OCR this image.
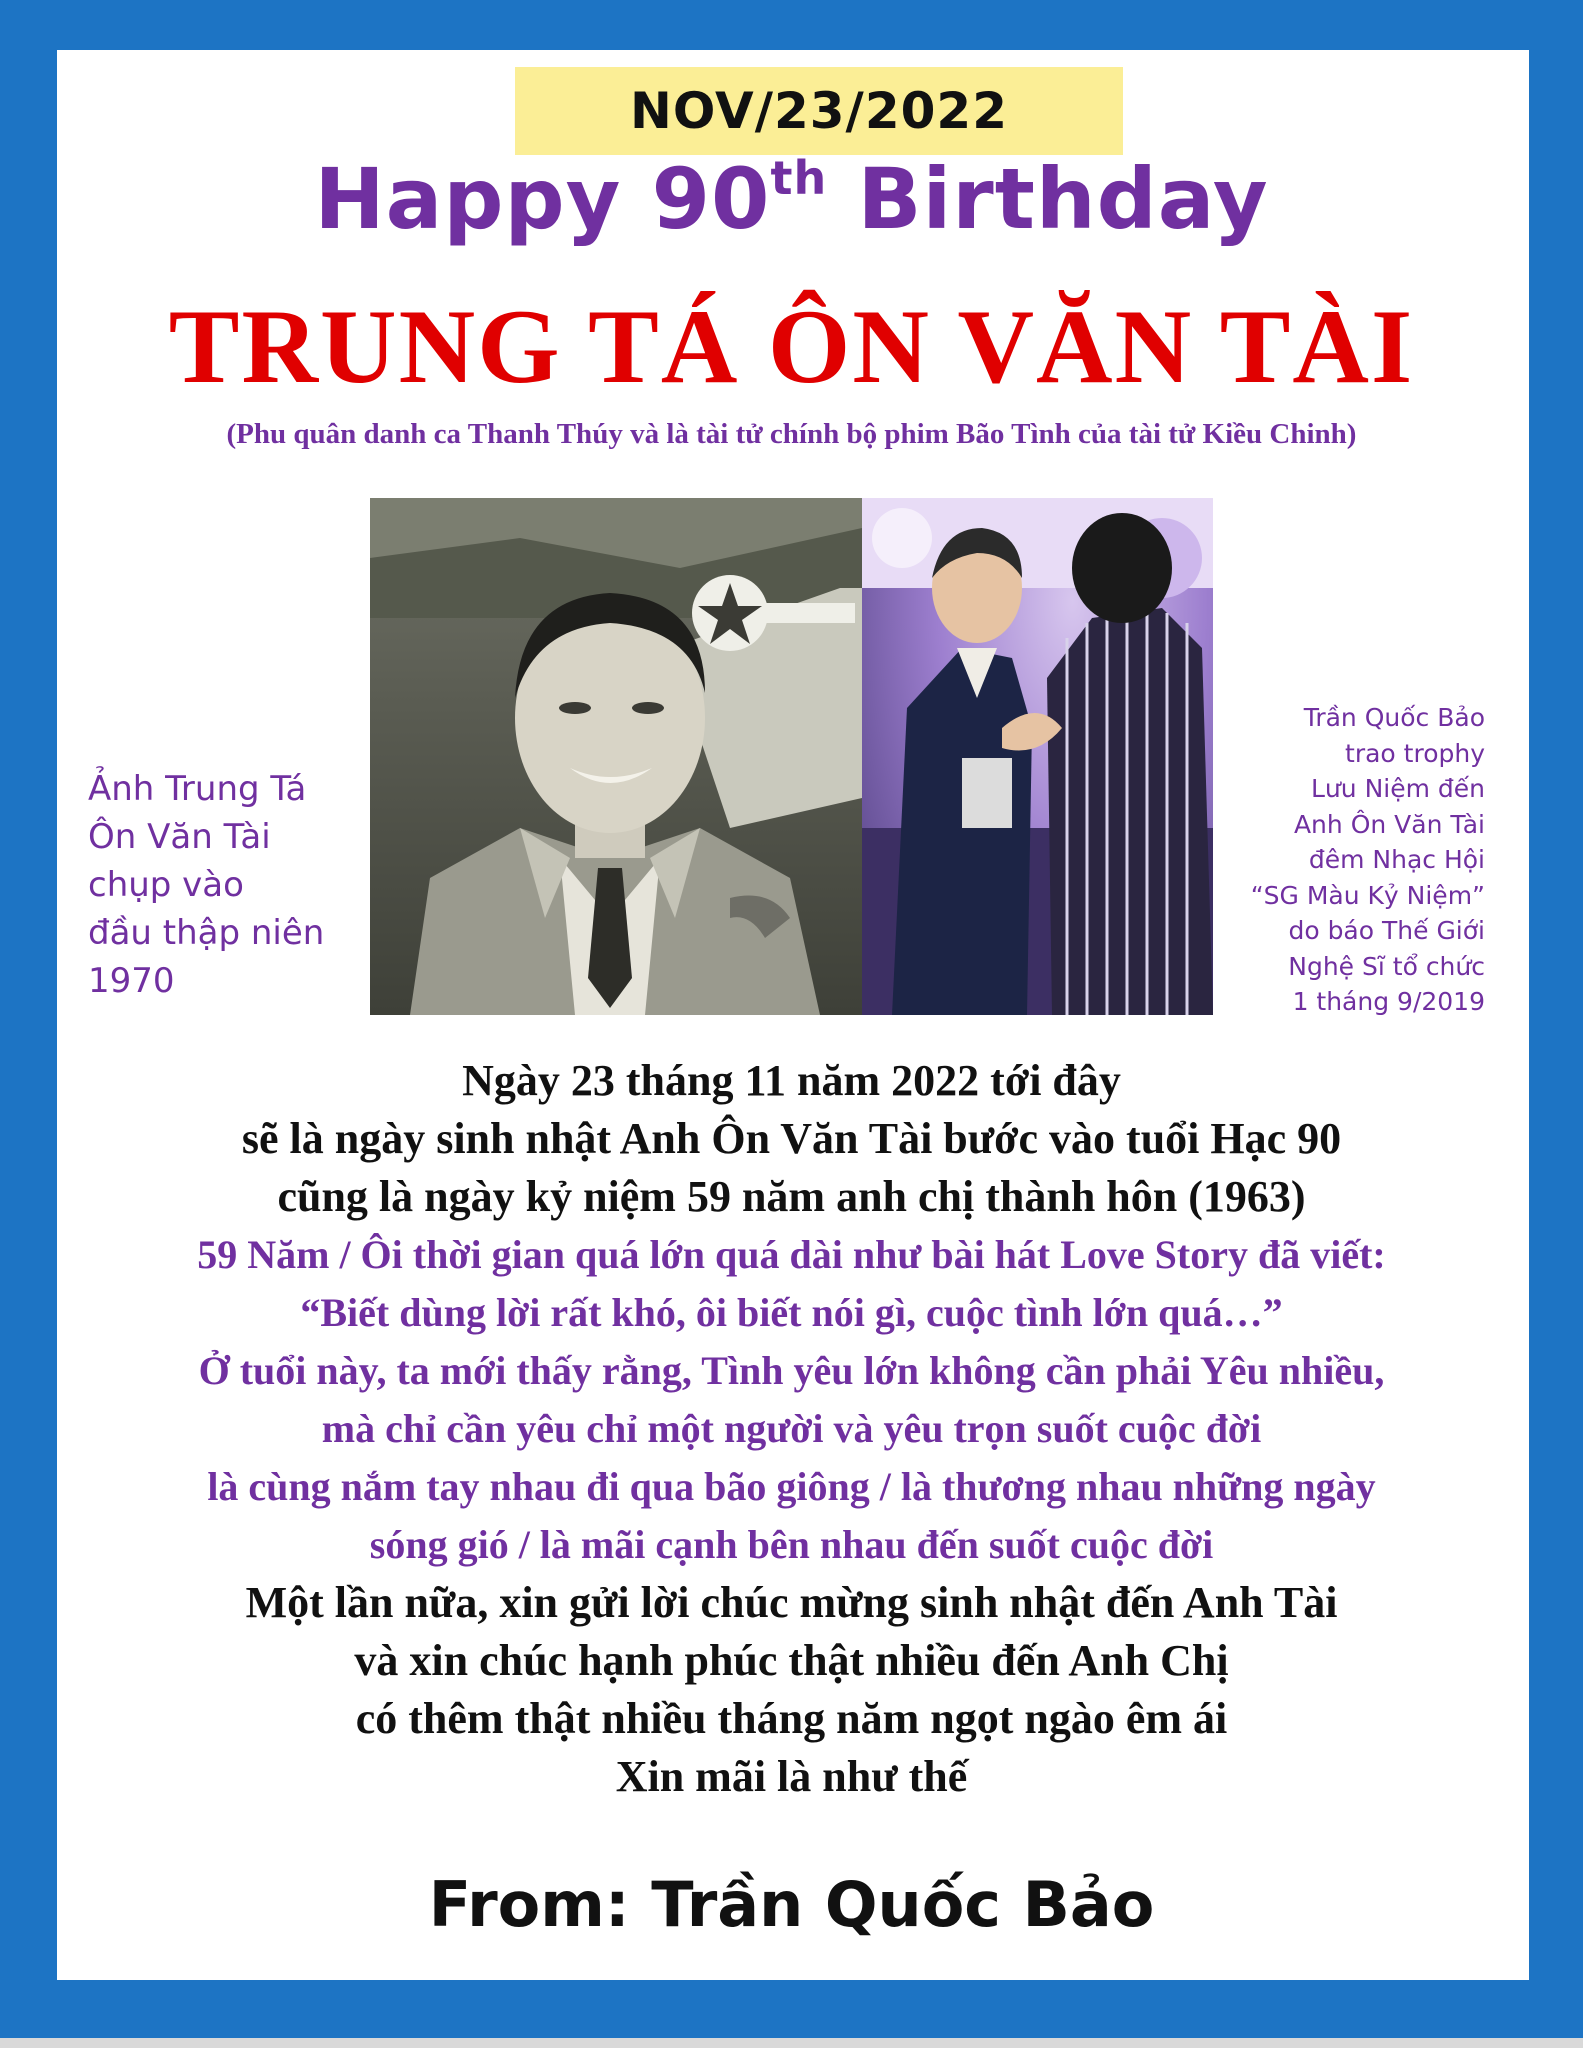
NOV/23/2022
Happy 90th Birthday
TRUNG TÁ ÔN VĂN TÀI
(Phu quân danh ca Thanh Thúy và là tài tử chính bộ phim Bão Tình của tài tử Kiều Chinh)
Ảnh Trung Tá
Ôn Văn Tài
chụp vào
đầu thập niên
1970
Trần Quốc Bảo
trao trophy
Lưu Niệm đến
Anh Ôn Văn Tài
đêm Nhạc Hội
“SG Màu Kỷ Niệm”
do báo Thế Giới
Nghệ Sĩ tổ chức
1 tháng 9/2019
Ngày 23 tháng 11 năm 2022 tới đây
sẽ là ngày sinh nhật Anh Ôn Văn Tài bước vào tuổi Hạc 90
cũng là ngày kỷ niệm 59 năm anh chị thành hôn (1963)
59 Năm / Ôi thời gian quá lớn quá dài như bài hát Love Story đã viết:
“Biết dùng lời rất khó, ôi biết nói gì, cuộc tình lớn quá…”
Ở tuổi này, ta mới thấy rằng, Tình yêu lớn không cần phải Yêu nhiều,
mà chỉ cần yêu chỉ một người và yêu trọn suốt cuộc đời
là cùng nắm tay nhau đi qua bão giông / là thương nhau những ngày
sóng gió / là mãi cạnh bên nhau đến suốt cuộc đời
Một lần nữa, xin gửi lời chúc mừng sinh nhật đến Anh Tài
và xin chúc hạnh phúc thật nhiều đến Anh Chị
có thêm thật nhiều tháng năm ngọt ngào êm ái
Xin mãi là như thế
From: Trần Quốc Bảo
